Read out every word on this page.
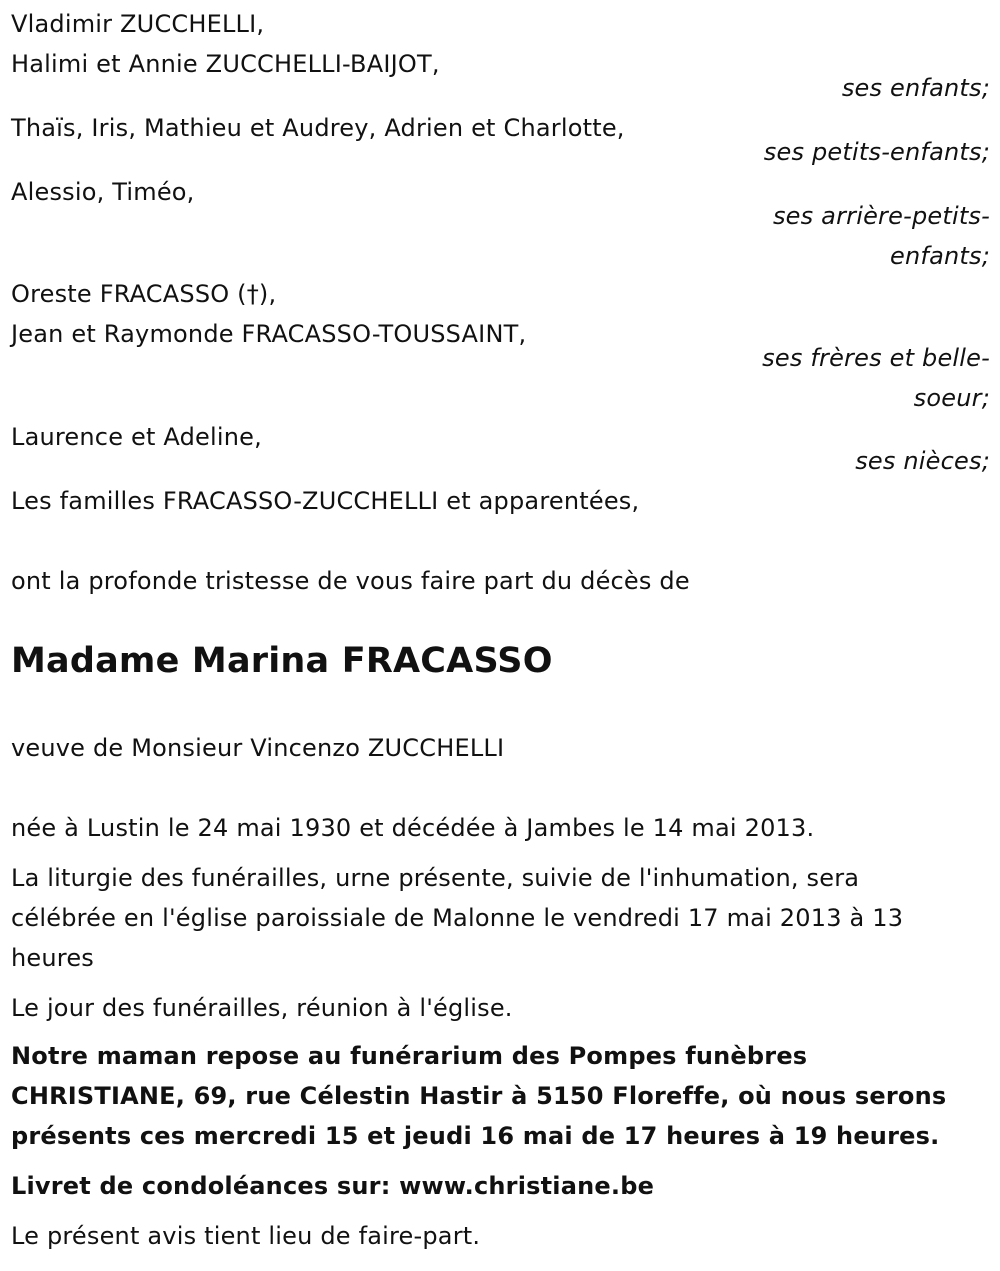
Vladimir ZUCCHELLI,
Halimi et Annie ZUCCHELLI-BAIJOT,
ses enfants;
Thaïs, Iris, Mathieu et Audrey, Adrien et Charlotte,
ses petits-enfants;
Alessio, Timéo,
ses arrière-petits-
enfants;
Oreste FRACASSO (†),
Jean et Raymonde FRACASSO-TOUSSAINT,
ses frères et belle-
soeur;
Laurence et Adeline,
ses nièces;
Les familles FRACASSO-ZUCCHELLI et apparentées,
ont la profonde tristesse de vous faire part du décès de
Madame Marina FRACASSO
veuve de Monsieur Vincenzo ZUCCHELLI
née à Lustin le 24 mai 1930 et décédée à Jambes le 14 mai 2013.
La liturgie des funérailles, urne présente, suivie de l'inhumation, sera célébrée en l'église paroissiale de Malonne le vendredi 17 mai 2013 à 13 heures
Le jour des funérailles, réunion à l'église.
Notre maman repose au funérarium des Pompes funèbres CHRISTIANE, 69, rue Célestin Hastir à 5150 Floreffe, où nous serons présents ces mercredi 15 et jeudi 16 mai de 17 heures à 19 heures.
Livret de condoléances sur: www.christiane.be
Le présent avis tient lieu de faire-part.
